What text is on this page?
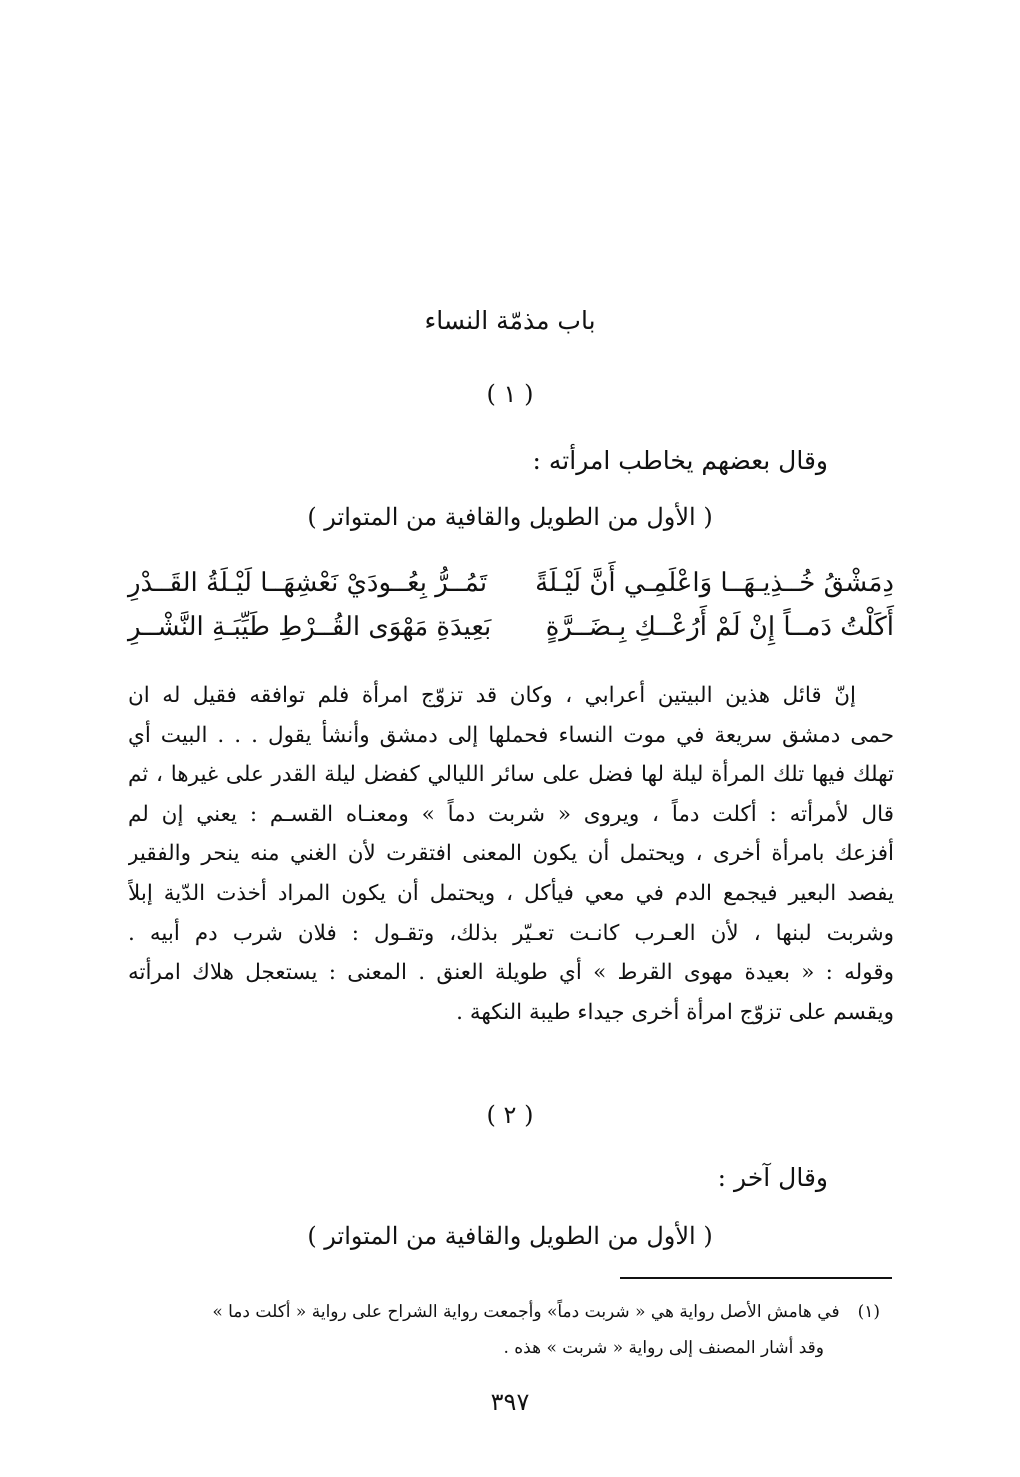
باب مذمّة النساء
( ١ )
وقال بعضهم يخاطب امرأته :
( الأول من الطويل والقافية من المتواتر )
دِمَشْقُ خُــذِيـهَــا وَاعْلَمِـي أَنَّ لَيْـلَةً
تَمُــرُّ بِعُــودَيْ نَعْشِهَــا لَيْـلَةُ القَــدْرِ
أَكَلْتُ دَمــاً إِنْ لَمْ أَرُعْــكِ بِـضَــرَّةٍ
بَعِيدَةِ مَهْوَى القُــرْطِ طَيِّبَـةِ النَّشْــرِ
إنّ قائل هذين البيتين أعرابي ، وكان قد تزوّج امرأة فلم توافقه فقيل له ان
حمى دمشق سريعة في موت النساء فحملها إلى دمشق وأنشأ يقول . . . البيت أي
تهلك فيها تلك المرأة ليلة لها فضل على سائر الليالي كفضل ليلة القدر على غيرها ، ثم
قال لأمرأته : أكلت دماً ، ويروى « شربت دماً » ومعنـاه القسـم : يعني إن لم
أفزعك بامرأة أخرى ، ويحتمل أن يكون المعنى افتقرت لأن الغني منه ينحر والفقير
يفصد البعير فيجمع الدم في معي فيأكل ، ويحتمل أن يكون المراد أخذت الدّية إبلاً
وشربت لبنها ، لأن العـرب كانـت تعـيّر بذلك، وتقـول : فلان شرب دم أبيه .
وقوله : « بعيدة مهوى القرط » أي طويلة العنق . المعنى : يستعجل هلاك امرأته
ويقسم على تزوّج امرأة أخرى جيداء طيبة النكهة .
( ٢ )
وقال آخر :
( الأول من الطويل والقافية من المتواتر )
(١)في هامش الأصل رواية هي « شربت دماً» وأجمعت رواية الشراح على رواية « أكلت دما »
وقد أشار المصنف إلى رواية « شربت » هذه .
٣٩٧
